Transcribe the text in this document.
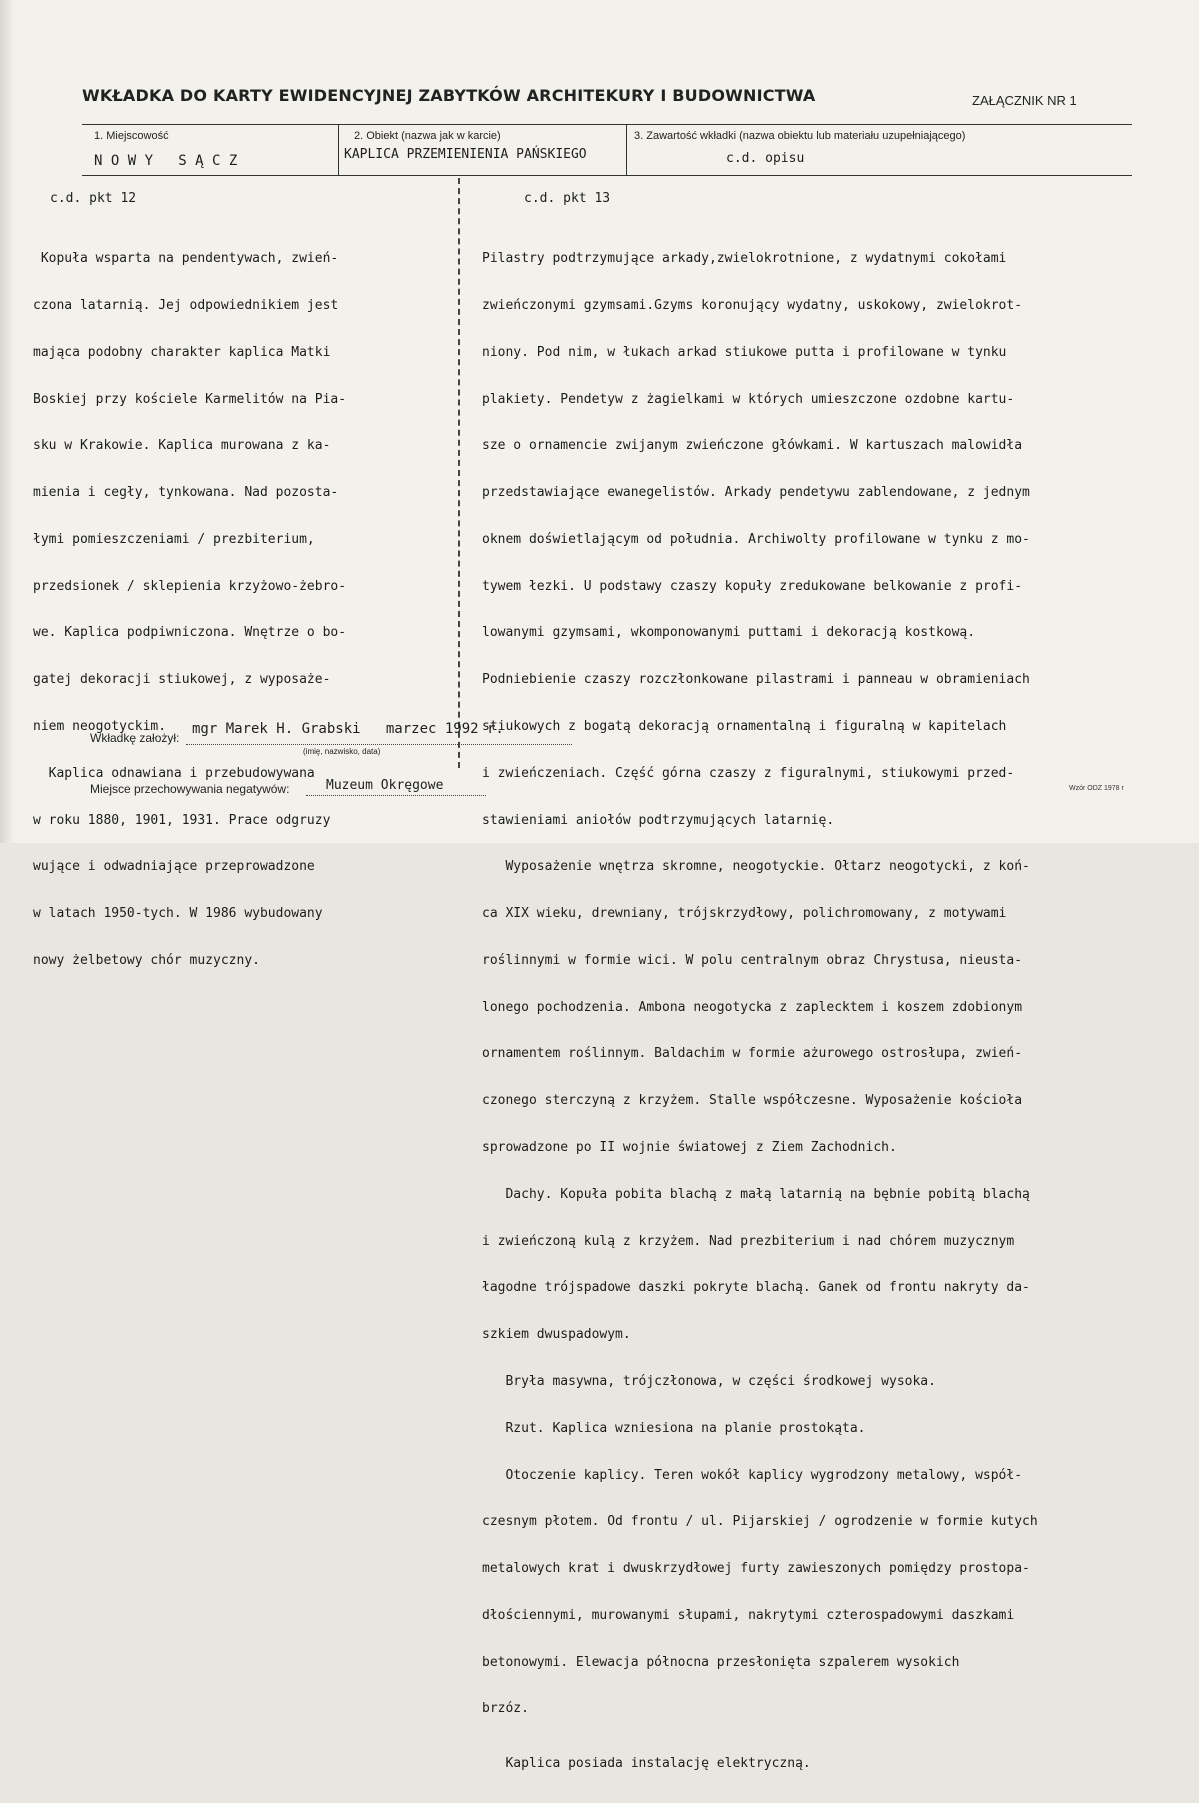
WKŁADKA DO KARTY EWIDENCYJNEJ ZABYTKÓW ARCHITEKURY I BUDOWNICTWA	ZAŁĄCZNIK NR 1
1. Miejscowość
N O W Y   S Ą C Z
2. Obiekt (nazwa jak w karcie)
KAPLICA PRZEMIENIENIA PAŃSKIEGO
3. Zawartość wkładki (nazwa obiektu lub materiału uzupełniającego)
c.d. opisu
c.d. pkt 12	c.d. pkt 13

Kopuła wsparta na pendentywach, zwień-

czona latarnią. Jej odpowiednikiem jest

mająca podobny charakter kaplica Matki

Boskiej przy kościele Karmelitów na Pia-

sku w Krakowie. Kaplica murowana z ka-

mienia i cegły, tynkowana. Nad pozosta-

łymi pomieszczeniami / prezbiterium,

przedsionek / sklepienia krzyżowo-żebro-

we. Kaplica podpiwniczona. Wnętrze o bo-

gatej dekoracji stiukowej, z wyposaże-

niem neogotyckim.

Kaplica odnawiana i przebudowywana

w roku 1880, 1901, 1931. Prace odgruzy

wujące i odwadniające przeprowadzone

w latach 1950-tych. W 1986 wybudowany

nowy żelbetowy chór muzyczny.

Pilastry podtrzymujące arkady,zwielokrotnione, z wydatnymi cokołami

zwieńczonymi gzymsami.Gzyms koronujący wydatny, uskokowy, zwielokrot-

niony. Pod nim, w łukach arkad stiukowe putta i profilowane w tynku

plakiety. Pendetyw z żagielkami w których umieszczone ozdobne kartu-

sze o ornamencie zwijanym zwieńczone główkami. W kartuszach malowidła

przedstawiające ewanegelistów. Arkady pendetywu zablendowane, z jednym

oknem doświetlającym od południa. Archiwolty profilowane w tynku z mo-

tywem łezki. U podstawy czaszy kopuły zredukowane belkowanie z profi-

lowanymi gzymsami, wkomponowanymi puttami i dekoracją kostkową.

Podniebienie czaszy rozczłonkowane pilastrami i panneau w obramieniach

stiukowych z bogatą dekoracją ornamentalną i figuralną w kapitelach

i zwieńczeniach. Część górna czaszy z figuralnymi, stiukowymi przed-

stawieniami aniołów podtrzymujących latarnię.

Wyposażenie wnętrza skromne, neogotyckie. Ołtarz neogotycki, z koń-

ca XIX wieku, drewniany, trójskrzydłowy, polichromowany, z motywami

roślinnymi w formie wici. W polu centralnym obraz Chrystusa, nieusta-

lonego pochodzenia. Ambona neogotycka z zaplecktem i koszem zdobionym

ornamentem roślinnym. Baldachim w formie ażurowego ostrosłupa, zwień-

czonego sterczyną z krzyżem. Stalle współczesne. Wyposażenie kościoła

sprowadzone po II wojnie światowej z Ziem Zachodnich.

Dachy. Kopuła pobita blachą z małą latarnią na bębnie pobitą blachą

i zwieńczoną kulą z krzyżem. Nad prezbiterium i nad chórem muzycznym

łagodne trójspadowe daszki pokryte blachą. Ganek od frontu nakryty da-

szkiem dwuspadowym.

Bryła masywna, trójczłonowa, w części środkowej wysoka.

Rzut. Kaplica wzniesiona na planie prostokąta.

Otoczenie kaplicy. Teren wokół kaplicy wygrodzony metalowy, współ-

czesnym płotem. Od frontu / ul. Pijarskiej / ogrodzenie w formie kutych

metalowych krat i dwuskrzydłowej furty zawieszonych pomiędzy prostopa-

dłościennymi, murowanymi słupami, nakrytymi czterospadowymi daszkami

betonowymi. Elewacja północna przesłonięta szpalerem wysokich

brzóz.

Kaplica posiada instalację elektryczną.

Wkładkę założył:
mgr Marek H. Grabski   marzec 1992 r.
(imię, nazwisko, data)
Miejsce przechowywania negatywów:	Muzeum Okręgowe	Wzór ODZ 1978 r
